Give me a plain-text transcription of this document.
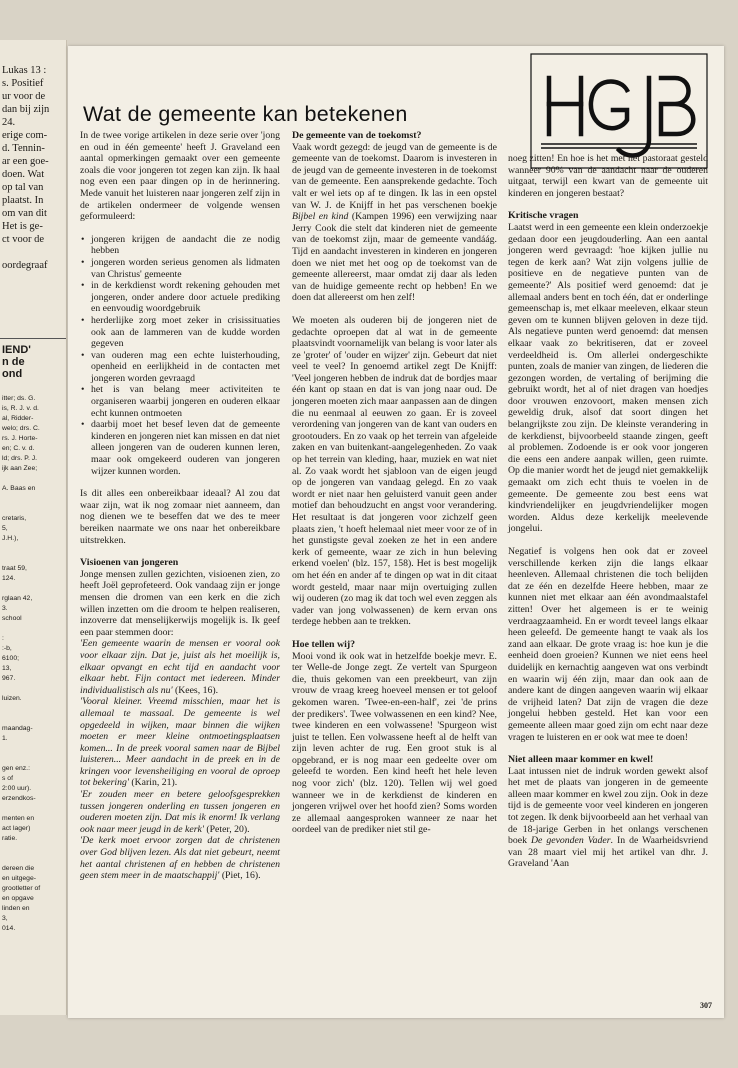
Lukas 13 :
s. Positief
ur voor de
dan bij zijn
24.
erige com-
d. Tennin-
ar een goe-
doen. Wat
op tal van
plaatst. In
om van dit
Het is ge-
ct voor de
oordegraaf
IEND'
n de
ond
itter; ds. G.
is, R. J. v. d.
al, Ridder-
welo; drs. C.
rs. J. Horte-
en; C. v. d.
ld; drs. P. J.
ijk aan Zee;
A. Baas en
cretaris,
5,
J.H.),
traat 59,
124.
rglaan 42,
3.
school
:
:-b,
6100;
13,
967.
luizen.
maandag-
1.
gen enz.:
s of
2:00 uur).
erzendkos-
menten en
act lager)
ratie.
dereen die
en uitgege-
grootletter of
en opgave
linden en
3,
014.
Wat de gemeente kan betekenen

In de twee vorige artikelen in deze serie over 'jong en oud in één gemeente' heeft J. Graveland een aantal opmerkingen gemaakt over een gemeente zoals die voor jongeren tot zegen kan zijn. Ik haal nog even een paar dingen op in de herinnering. Mede vanuit het luisteren naar jongeren zelf zijn in de artikelen ondermeer de volgende wensen geformuleerd:

• jongeren krijgen de aandacht die ze nodig hebben
• jongeren worden serieus genomen als lidmaten van Christus' gemeente
• in de kerkdienst wordt rekening gehouden met jongeren, onder andere door actuele prediking en eenvoudig woordgebruik
• herderlijke zorg moet zeker in crisissituaties ook aan de lammeren van de kudde worden gegeven
• van ouderen mag een echte luisterhouding, openheid en eerlijkheid in de contacten met jongeren worden gevraagd
• het is van belang meer activiteiten te organiseren waarbij jongeren en ouderen elkaar echt kunnen ontmoeten
• daarbij moet het besef leven dat de gemeente kinderen en jongeren niet kan missen en dat niet alleen jongeren van de ouderen kunnen leren, maar ook omgekeerd ouderen van jongeren wijzer kunnen worden.

Is dit alles een onbereikbaar ideaal? Al zou dat waar zijn, wat ik nog zomaar niet aanneem, dan nog dienen we te beseffen dat we des te meer bereiken naarmate we ons naar het onbereikbare uitstrekken.

Visioenen van jongeren

Jonge mensen zullen gezichten, visioenen zien, zo heeft Joël geprofeteerd. Ook vandaag zijn er jonge mensen die dromen van een kerk en die zich willen inzetten om die droom te helpen realiseren, inzoverre dat menselijkerwijs mogelijk is. Ik geef een paar stemmen door:

'Een gemeente waarin de mensen er vooral ook voor elkaar zijn. Dat je, juist als het moeilijk is, elkaar opvangt en echt tijd en aandacht voor elkaar hebt. Fijn contact met iedereen. Minder individualistisch als nu' (Kees, 16).

'Vooral kleiner. Vreemd misschien, maar het is allemaal te massaal. De gemeente is wel opgedeeld in wijken, maar binnen die wijken moeten er meer kleine ontmoetingsplaatsen komen... In de preek vooral samen naar de Bijbel luisteren... Meer aandacht in de preek en in de kringen voor levensheiliging en vooral de oproep tot bekering' (Karin, 21).

'Er zouden meer en betere geloofsgesprekken tussen jongeren onderling en tussen jongeren en ouderen moeten zijn. Dat mis ik enorm! Ik verlang ook naar meer jeugd in de kerk' (Peter, 20).

'De kerk moet ervoor zorgen dat de christenen over God blijven lezen. Als dat niet gebeurt, neemt het aantal christenen af en hebben de christenen geen stem meer in de maatschappij' (Piet, 16).

De gemeente van de toekomst?

Vaak wordt gezegd: de jeugd van de gemeente is de gemeente van de toekomst. Daarom is investeren in de jeugd van de gemeente investeren in de toekomst van de gemeente. Een aansprekende gedachte. Toch valt er wel iets op af te dingen. Ik las in een opstel van W. J. de Knijff in het pas verschenen boekje Bijbel en kind (Kampen 1996) een verwijzing naar Jerry Cook die stelt dat kinderen niet de gemeente van de toekomst zijn, maar de gemeente vandáág. Tijd en aandacht investeren in kinderen en jongeren doen we niet met het oog op de toekomst van de gemeente allereerst, maar omdat zij daar als leden van de huidige gemeente recht op hebben! En we doen dat allereerst om hen zelf!

We moeten als ouderen bij de jongeren niet de gedachte oproepen dat al wat in de gemeente plaatsvindt voornamelijk van belang is voor later als ze 'groter' of 'ouder en wijzer' zijn. Gebeurt dat niet veel te veel? In genoemd artikel zegt De Knijff: 'Veel jongeren hebben de indruk dat de bordjes maar één kant op staan en dat is van jong naar oud. De jongeren moeten zich maar aanpassen aan de dingen die nu eenmaal al eeuwen zo gaan. Er is zoveel verordening van jongeren van de kant van ouders en grootouders. En zo vaak op het terrein van afgeleide zaken en van buitenkant-aangelegenheden. Zo vaak op het terrein van kleding, haar, muziek en wat niet al. Zo vaak wordt het sjabloon van de eigen jeugd op de jongeren van vandaag gelegd. En zo vaak wordt er niet naar hen geluisterd vanuit geen ander motief dan behoudzucht en angst voor verandering. Het resultaat is dat jongeren voor zichzelf geen plaats zien, 't hoeft helemaal niet meer voor ze of in het gunstigste geval zoeken ze het in een andere kerk of gemeente, waar ze zich in hun beleving erkend voelen' (blz. 157, 158). Het is best mogelijk om het één en ander af te dingen op wat in dit citaat wordt gesteld, maar naar mijn overtuiging zullen wij ouderen (zo mag ik dat toch wel even zeggen als vader van jong volwassenen) de kern ervan ons terdege hebben aan te trekken.

Hoe tellen wij?

Mooi vond ik ook wat in hetzelfde boekje mevr. E. ter Welle-de Jonge zegt. Ze vertelt van Spurgeon die, thuis gekomen van een preekbeurt, van zijn vrouw de vraag kreeg hoeveel mensen er tot geloof gekomen waren. 'Twee-en-een-half', zei 'de prins der predikers'. Twee volwassenen en een kind? Nee, twee kinderen en een volwassene! 'Spurgeon wist juist te tellen. Een volwassene heeft al de helft van zijn leven achter de rug. Een groot stuk is al opgebrand, er is nog maar een gedeelte over om geleefd te worden. Een kind heeft het hele leven nog voor zich' (blz. 120). Tellen wij wel goed wanneer we in de kerkdienst de kinderen en jongeren vrijwel over het hoofd zien? Soms worden ze allemaal aangesproken wanneer ze naar het oordeel van de prediker niet stil ge-

noeg zitten! En hoe is het met het pastoraat gesteld wanneer 90% van de aandacht naar de ouderen uitgaat, terwijl een kwart van de gemeente uit kinderen en jongeren bestaat?

Kritische vragen

Laatst werd in een gemeente een klein onderzoekje gedaan door een jeugdouderling. Aan een aantal jongeren werd gevraagd: 'hoe kijken jullie nu tegen de kerk aan? Wat zijn volgens jullie de positieve en de negatieve punten van de gemeente?' Als positief werd genoemd: dat je allemaal anders bent en toch één, dat er onderlinge gemeenschap is, met elkaar meeleven, elkaar steun geven om te kunnen blijven geloven in deze tijd. Als negatieve punten werd genoemd: dat mensen elkaar vaak zo bekritiseren, dat er zoveel verdeeldheid is. Om allerlei ondergeschikte punten, zoals de manier van zingen, de liederen die gezongen worden, de vertaling of berijming die gebruikt wordt, het al of niet dragen van hoedjes door vrouwen enzovoort, maken mensen zich geweldig druk, alsof dat soort dingen het belangrijkste zou zijn. De kleinste verandering in de kerkdienst, bijvoorbeeld staande zingen, geeft al problemen. Zodoende is er ook voor jongeren die eens een andere aanpak willen, geen ruimte. Op die manier wordt het de jeugd niet gemakkelijk gemaakt om zich echt thuis te voelen in de gemeente. De gemeente zou best eens wat kindvriendelijker en jeugdvriendelijker mogen worden. Aldus deze kerkelijk meelevende jongelui.

Negatief is volgens hen ook dat er zoveel verschillende kerken zijn die langs elkaar heenleven. Allemaal christenen die toch belijden dat ze één en dezelfde Heere hebben, maar ze kunnen niet met elkaar aan één avondmaalstafel zitten! Over het algemeen is er te weinig verdraagzaamheid. En er wordt teveel langs elkaar heen geleefd. De gemeente hangt te vaak als los zand aan elkaar. De grote vraag is: hoe kun je die eenheid doen groeien? Kunnen we niet eens heel duidelijk en kernachtig aangeven wat ons verbindt en waarin wij één zijn, maar dan ook aan de andere kant de dingen aangeven waarin wij elkaar de vrijheid laten? Dat zijn de vragen die deze jongelui hebben gesteld. Het kan voor een gemeente alleen maar goed zijn om echt naar deze vragen te luisteren en er ook wat mee te doen!

Niet alleen maar kommer en kwel!

Laat intussen niet de indruk worden gewekt alsof het met de plaats van jongeren in de gemeente alleen maar kommer en kwel zou zijn. Ook in deze tijd is de gemeente voor veel kinderen en jongeren tot zegen. Ik denk bijvoorbeeld aan het verhaal van de 18-jarige Gerben in het onlangs verschenen boek De gevonden Vader. In de Waarheidsvriend van 28 maart viel mij het artikel van dhr. J. Graveland 'Aan

307
